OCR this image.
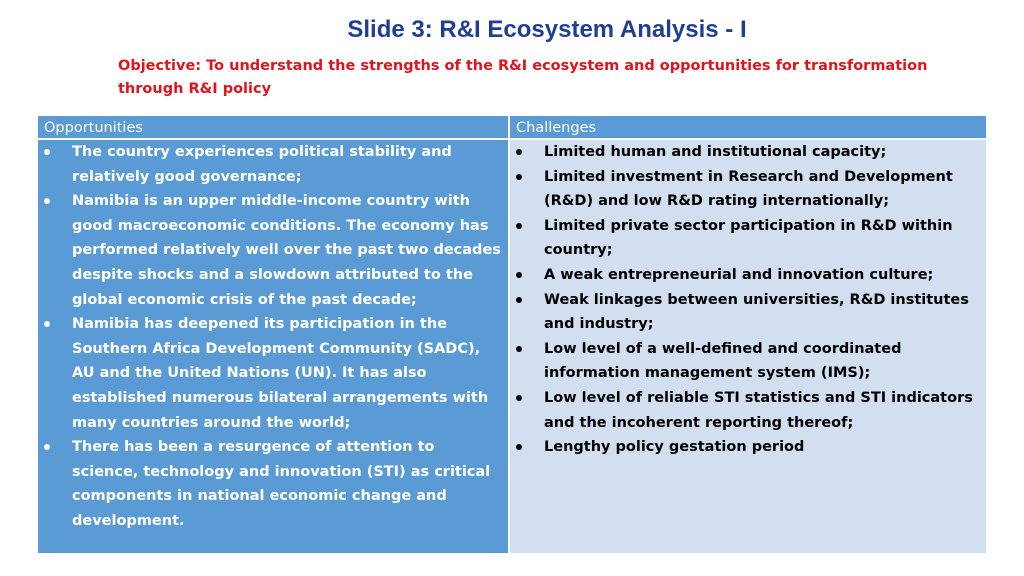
Slide 3: R&I Ecosystem Analysis - I

Objective: To understand the strengths of the R&I ecosystem and opportunities for transformation through R&I policy

Opportunities
The country experiences political stability and relatively good governance;
Namibia is an upper middle-income country with good macroeconomic conditions. The economy has performed relatively well over the past two decades despite shocks and a slowdown attributed to the global economic crisis of the past decade;
Namibia has deepened its participation in the Southern Africa Development Community (SADC), AU and the United Nations (UN). It has also established numerous bilateral arrangements with many countries around the world;
There has been a resurgence of attention to science, technology and innovation (STI) as critical components in national economic change and development.
Challenges
Limited human and institutional capacity;
Limited investment in Research and Development (R&D) and low R&D rating internationally;
Limited private sector participation in R&D within country;
A weak entrepreneurial and innovation culture;
Weak linkages between universities, R&D institutes and industry;
Low level of a well-defined and coordinated information management system (IMS);
Low level of reliable STI statistics and STI indicators and the incoherent reporting thereof;
Lengthy policy gestation period
